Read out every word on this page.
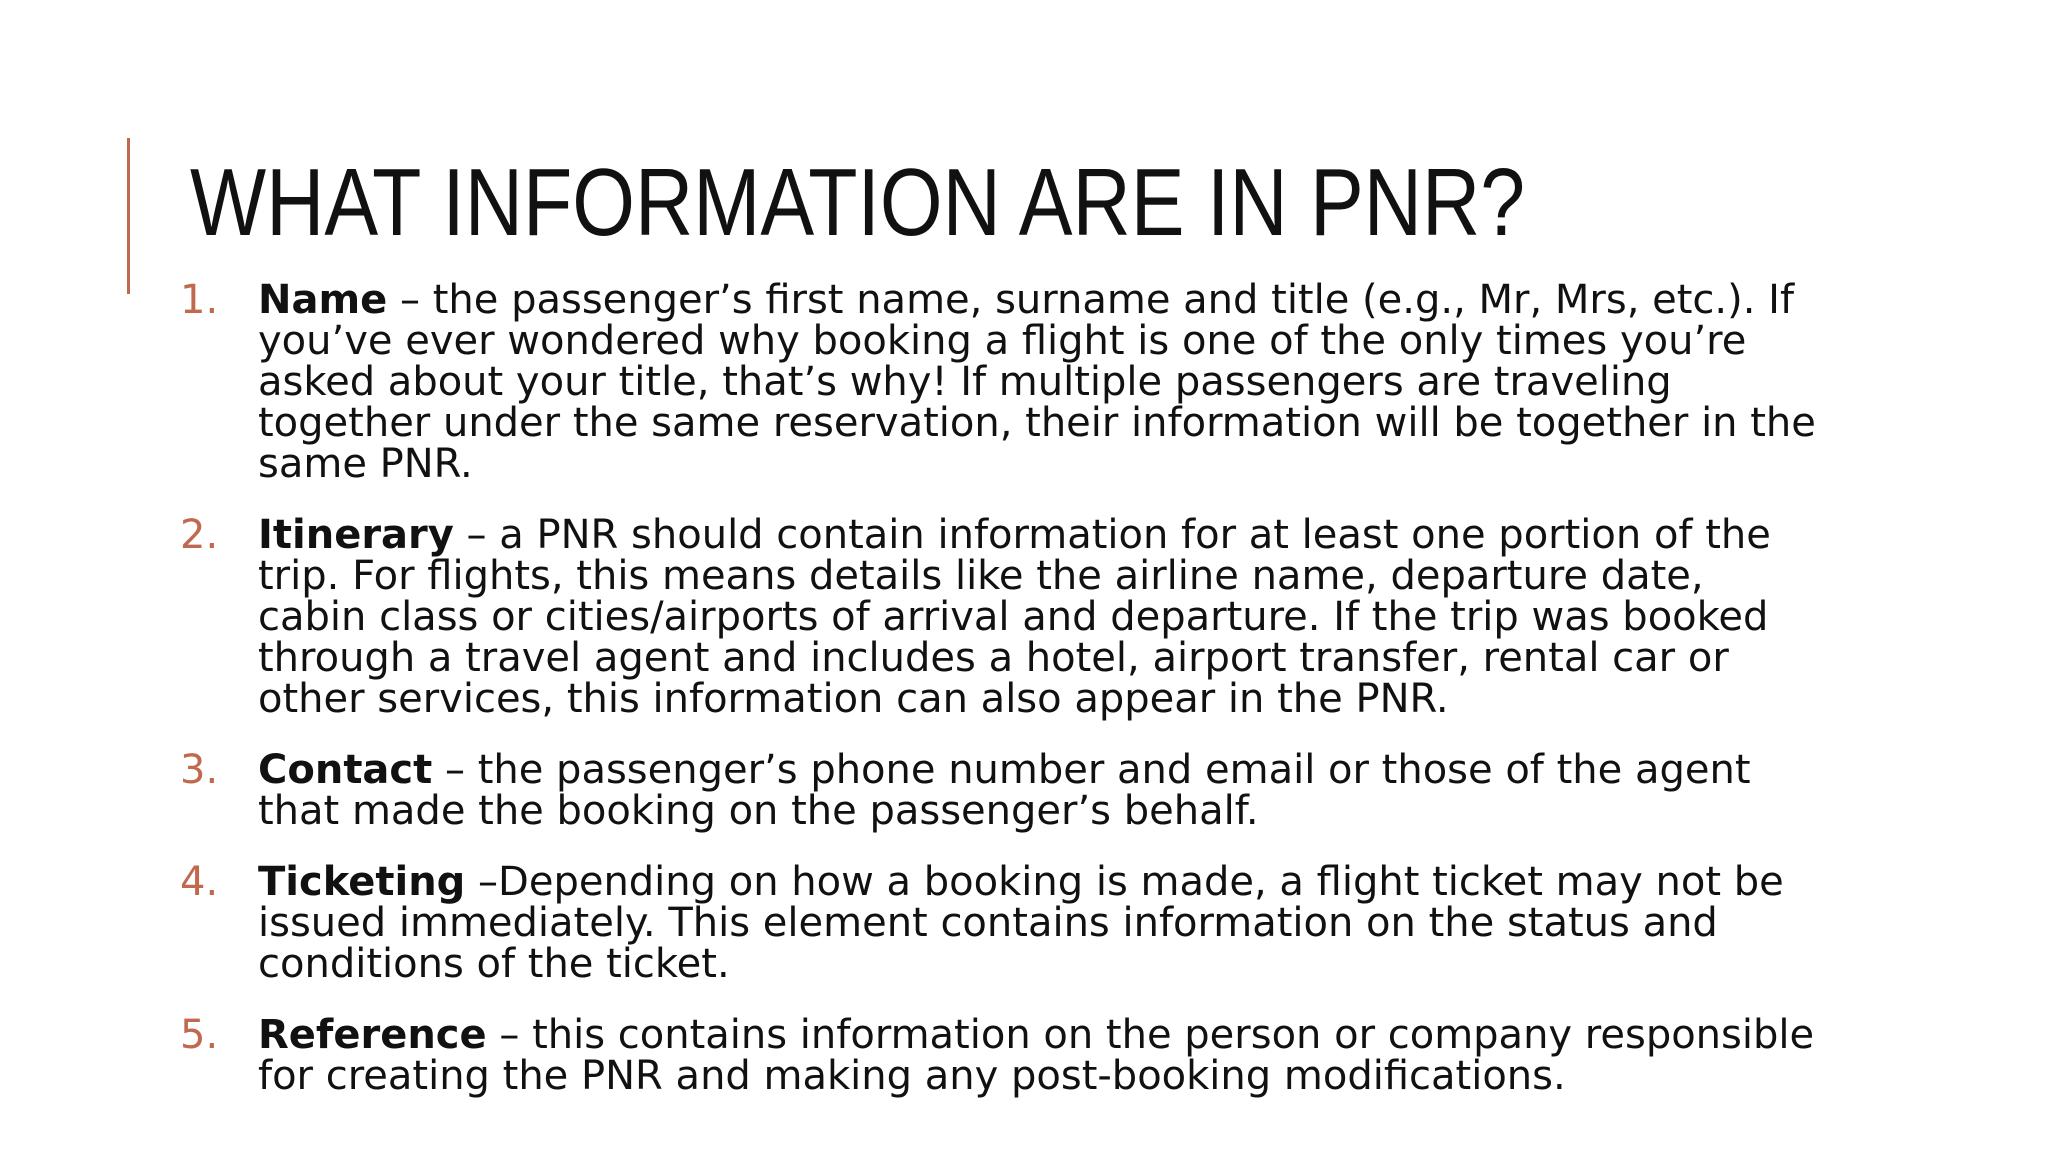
WHAT INFORMATION ARE IN PNR?
1. Name – the passenger’s first name, surname and title (e.g., Mr, Mrs, etc.). If you’ve ever wondered why booking a flight is one of the only times you’re asked about your title, that’s why! If multiple passengers are traveling together under the same reservation, their information will be together in the same PNR.
2. Itinerary – a PNR should contain information for at least one portion of the trip. For flights, this means details like the airline name, departure date, cabin class or cities/airports of arrival and departure. If the trip was booked through a travel agent and includes a hotel, airport transfer, rental car or other services, this information can also appear in the PNR.
3. Contact – the passenger’s phone number and email or those of the agent that made the booking on the passenger’s behalf.
4. Ticketing –Depending on how a booking is made, a flight ticket may not be issued immediately. This element contains information on the status and conditions of the ticket.
5. Reference – this contains information on the person or company responsible for creating the PNR and making any post-booking modifications.
